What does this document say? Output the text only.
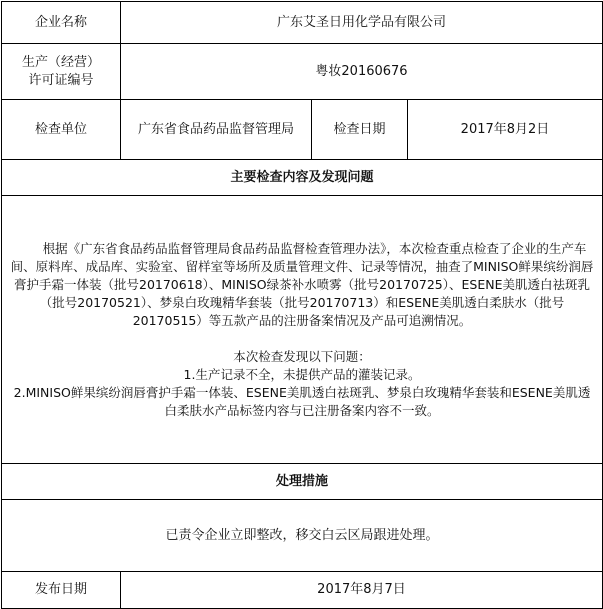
企业名称	广东艾圣日用化学品有限公司		

生产（经营）
许可证编号	粤妆20160676		
检查单位	广东省食品药品监督管理局	检查日期	2017年8月2日
主要检查内容及发现问题			

根据《广东省食品药品监督管理局食品药品监督检查管理办法》，本次检查重点检查了企业的生产车间、原料库、成品库、实验室、留样室等场所及质量管理文件、记录等情况，抽查了MINISO鲜果缤纷润唇膏护手霜一体装（批号20170618）、MINISO绿茶补水喷雾（批号20170725）、ESENE美肌透白祛斑乳（批号20170521）、梦泉白玫瑰精华套装（批号20170713）和ESENE美肌透白柔肤水（批号20170515）等五款产品的注册备案情况及产品可追溯情况。

本次检查发现以下问题：

1.生产记录不全，未提供产品的灌装记录。

2.MINISO鲜果缤纷润唇膏护手霜一体装、ESENE美肌透白祛斑乳、梦泉白玫瑰精华套装和ESENE美肌透白柔肤水产品标签内容与已注册备案内容不一致。			

处理措施			
已责令企业立即整改，移交白云区局跟进处理。			
发布日期	2017年8月7日		
